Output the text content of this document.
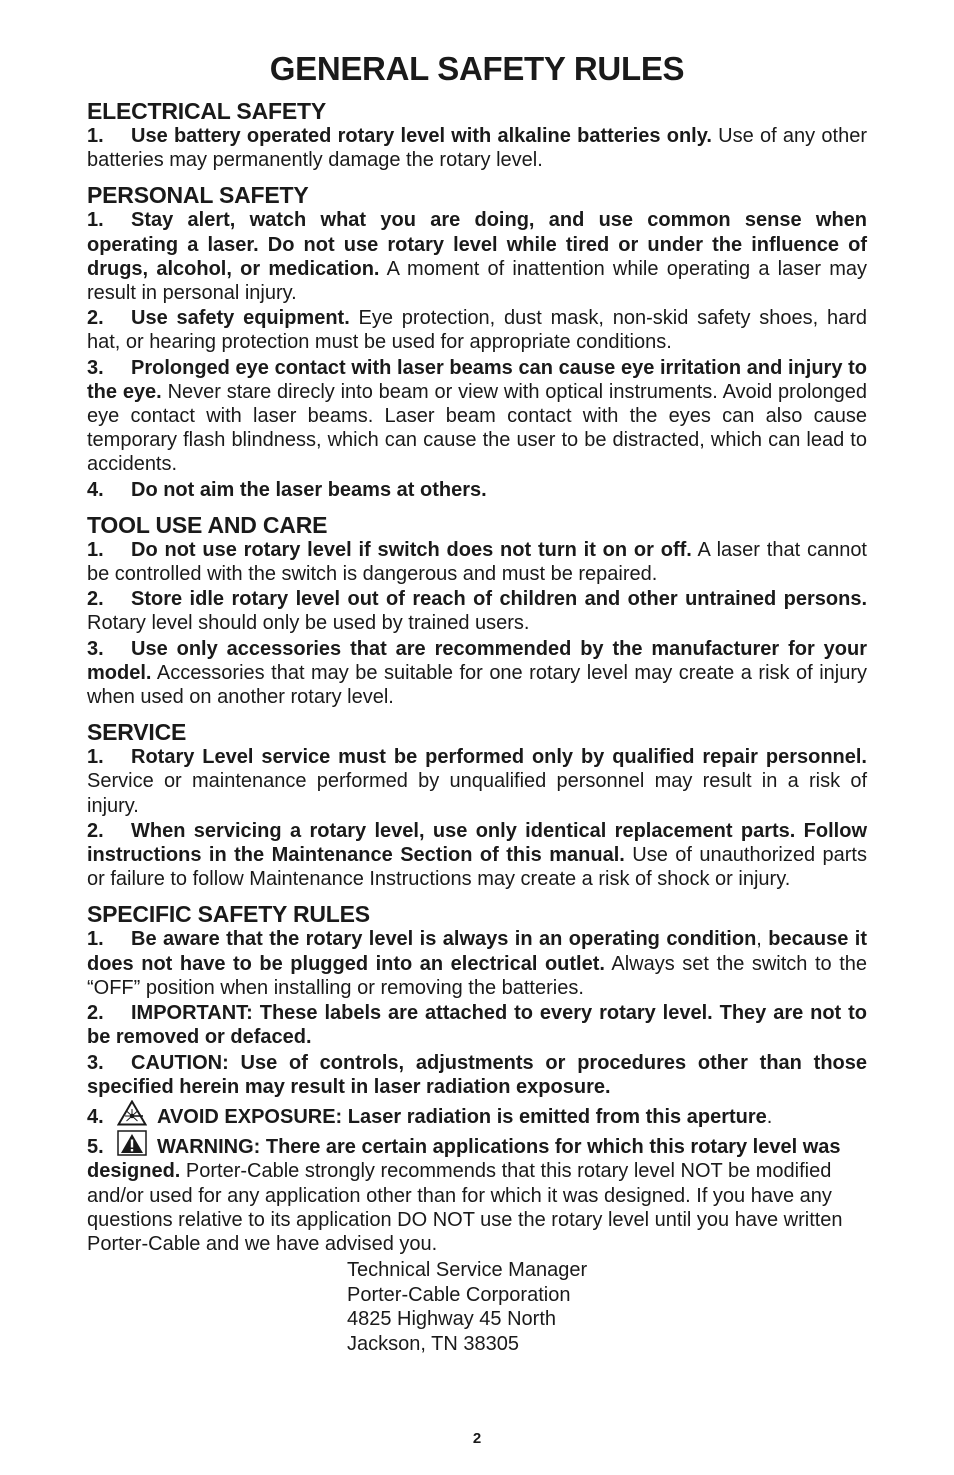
GENERAL SAFETY RULES
ELECTRICAL SAFETY

1. Use battery operated rotary level with alkaline batteries only. Use of any other batteries may permanently damage the rotary level.

PERSONAL SAFETY

1. Stay alert, watch what you are doing, and use common sense when operating a laser. Do not use rotary level while tired or under the influence of drugs, alcohol, or medication. A moment of inattention while operating a laser may result in personal injury.

2. Use safety equipment. Eye protection, dust mask, non-skid safety shoes, hard hat, or hearing protection must be used for appropriate conditions.

3. Prolonged eye contact with laser beams can cause eye irritation and injury to the eye. Never stare direcly into beam or view with optical instruments. Avoid prolonged eye contact with laser beams. Laser beam contact with the eyes can also cause temporary flash blindness, which can cause the user to be distracted, which can lead to accidents.

4. Do not aim the laser beams at others.

TOOL USE AND CARE

1. Do not use rotary level if switch does not turn it on or off. A laser that cannot be controlled with the switch is dangerous and must be repaired.

2. Store idle rotary level out of reach of children and other untrained persons. Rotary level should only be used by trained users.

3. Use only accessories that are recommended by the manufacturer for your model. Accessories that may be suitable for one rotary level may create a risk of injury when used on another rotary level.

SERVICE

1. Rotary Level service must be performed only by qualified repair personnel. Service or maintenance performed by unqualified personnel may result in a risk of injury.

2. When servicing a rotary level, use only identical replacement parts. Follow instructions in the Maintenance Section of this manual. Use of unauthorized parts or failure to follow Maintenance Instructions may create a risk of shock or injury.

SPECIFIC SAFETY RULES

1. Be aware that the rotary level is always in an operating condition, because it does not have to be plugged into an electrical outlet. Always set the switch to the “OFF” position when installing or removing the batteries.

2. IMPORTANT: These labels are attached to every rotary level. They are not to be removed or defaced.

3. CAUTION: Use of controls, adjustments or procedures other than those specified herein may result in laser radiation exposure.

4.	AVOID EXPOSURE: Laser radiation is emitted from this aperture.

5.	WARNING: There are certain applications for which this rotary level was designed. Porter-Cable strongly recommends that this rotary level NOT be modified and/or used for any application other than for which it was designed. If you have any questions relative to its application DO NOT use the rotary level until you have written Porter-Cable and we have advised you.

Technical Service Manager
Porter-Cable Corporation
4825 Highway 45 North
Jackson, TN 38305
2
